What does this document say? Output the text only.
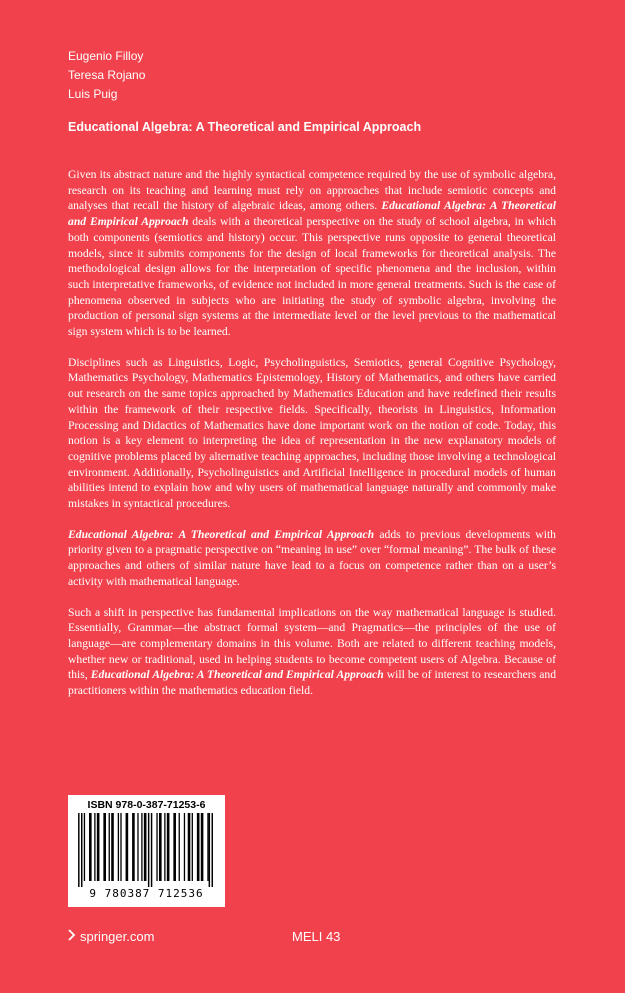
Eugenio Filloy
Teresa Rojano
Luis Puig
Educational Algebra: A Theoretical and Empirical Approach

Given its abstract nature and the highly syntactical competence required by the use of symbolic algebra, research on its teaching and learning must rely on approaches that include semiotic concepts and analyses that recall the history of algebraic ideas, among others. Educational Algebra: A Theoretical and Empirical Approach deals with a theoretical perspective on the study of school algebra, in which both components (semiotics and history) occur. This perspective runs opposite to general theoretical models, since it submits components for the design of local frameworks for theoretical analysis. The methodological design allows for the interpretation of specific phenomena and the inclusion, within such interpretative frameworks, of evidence not included in more general treatments. Such is the case of phenomena observed in subjects who are initiating the study of symbolic algebra, involving the production of personal sign systems at the intermediate level or the level previous to the mathematical sign system which is to be learned.

Disciplines such as Linguistics, Logic, Psycholinguistics, Semiotics, general Cognitive Psychology, Mathematics Psychology, Mathematics Epistemology, History of Mathematics, and others have carried out research on the same topics approached by Mathematics Education and have redefined their results within the framework of their respective fields. Specifically, theorists in Linguistics, Information Processing and Didactics of Mathematics have done important work on the notion of code. Today, this notion is a key element to interpreting the idea of representation in the new explanatory models of cognitive problems placed by alternative teaching approaches, including those involving a technological environment. Additionally, Psycholinguistics and Artificial Intelligence in procedural models of human abilities intend to explain how and why users of mathematical language naturally and commonly make mistakes in syntactical procedures.

Educational Algebra: A Theoretical and Empirical Approach adds to previous developments with priority given to a pragmatic perspective on “meaning in use” over “formal meaning”. The bulk of these approaches and others of similar nature have lead to a focus on competence rather than on a user’s activity with mathematical language.

Such a shift in perspective has fundamental implications on the way mathematical language is studied. Essentially, Grammar—the abstract formal system—and Pragmatics—the principles of the use of language—are complementary domains in this volume. Both are related to different teaching models, whether new or traditional, used in helping students to become competent users of Algebra. Because of this, Educational Algebra: A Theoretical and Empirical Approach will be of interest to researchers and practitioners within the mathematics education field.

ISBN 978-0-387-71253-6
9 780387 712536
springer.com	MELI 43
